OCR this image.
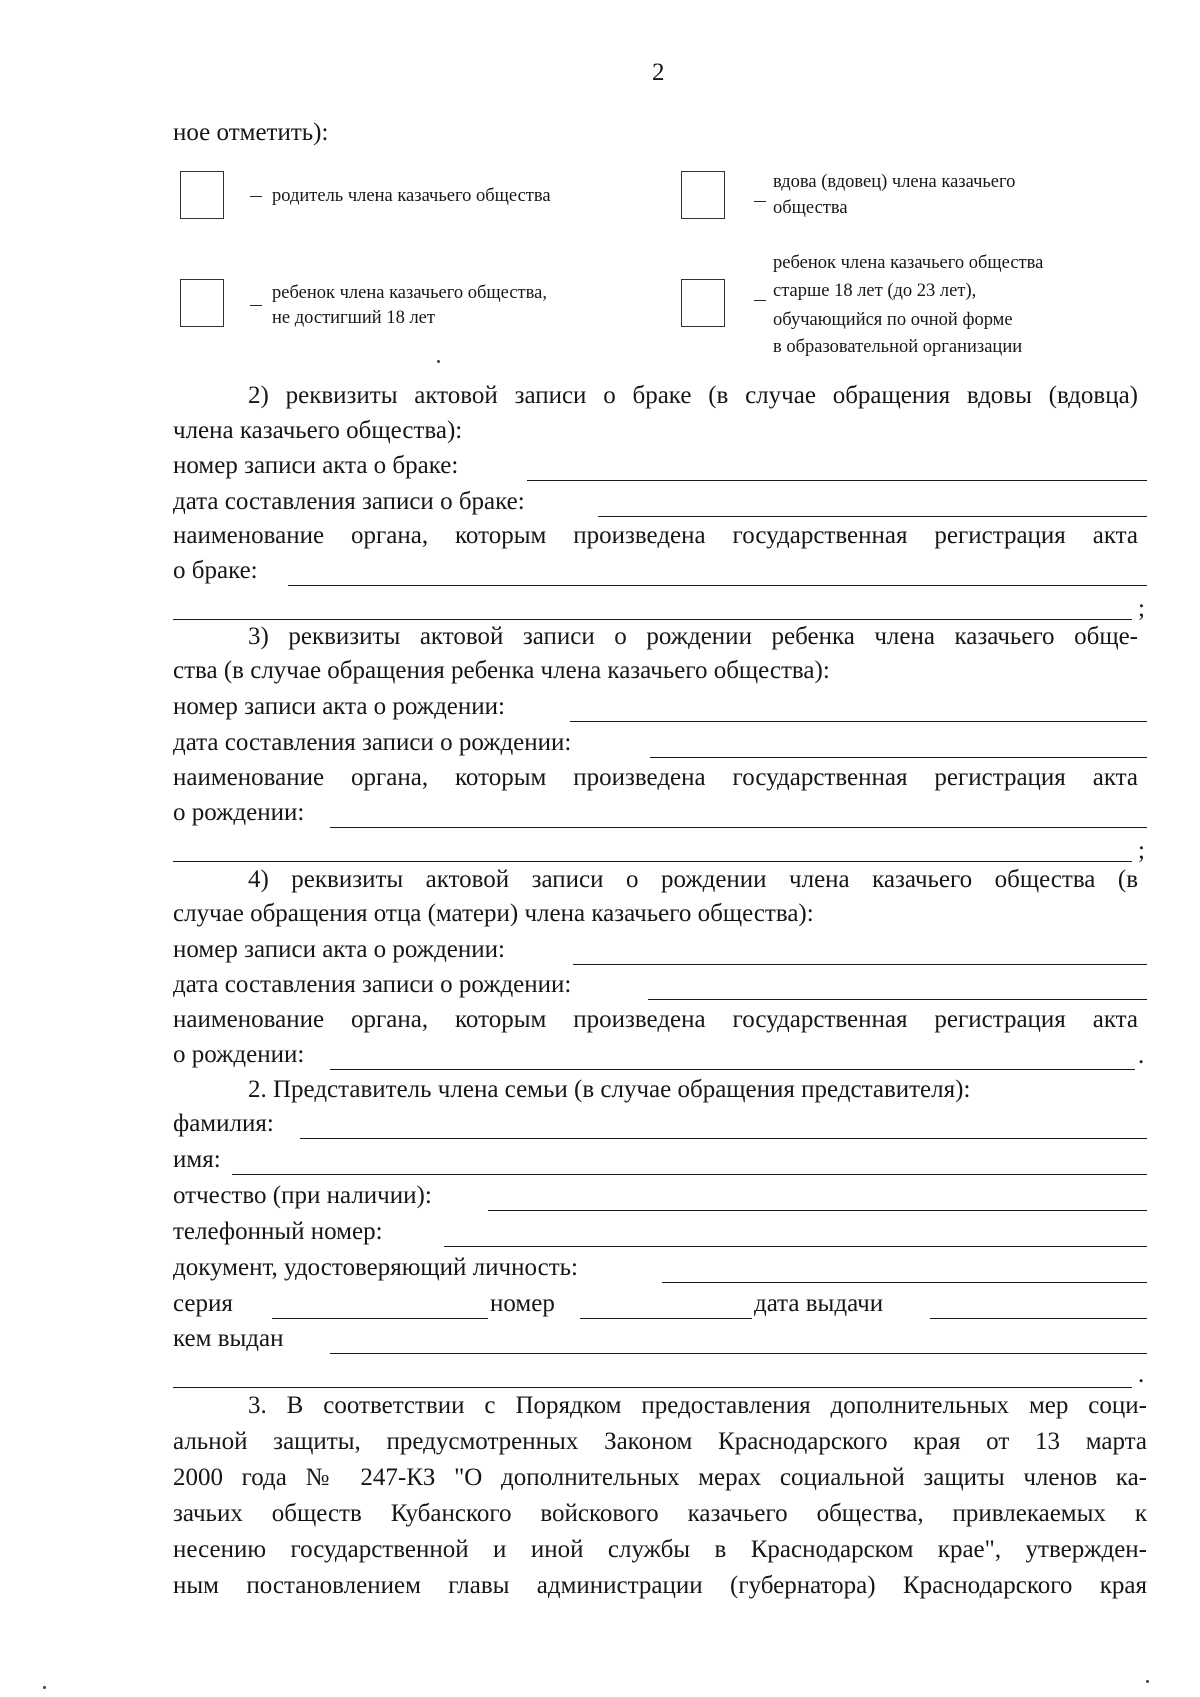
2
ное отметить):
родитель члена казачьего общества
вдова (вдовец) члена казачьего
общества
ребенок члена казачьего общества,
не достигший 18 лет
ребенок члена казачьего общества
старше 18 лет (до 23 лет),
обучающийся по очной форме
в образовательной организации
2) реквизиты актовой записи о браке (в случае обращения вдовы (вдовца)
члена казачьего общества):
номер записи акта о браке:
дата составления записи о браке:
наименование органа, которым произведена государственная регистрация акта
о браке:
;
3) реквизиты актовой записи о рождении ребенка члена казачьего обще-
ства (в случае обращения ребенка члена казачьего общества):
номер записи акта о рождении:
дата составления записи о рождении:
наименование органа, которым произведена государственная регистрация акта
о рождении:
;
4) реквизиты актовой записи о рождении члена казачьего общества (в
случае обращения отца (матери) члена казачьего общества):
номер записи акта о рождении:
дата составления записи о рождении:
наименование органа, которым произведена государственная регистрация акта
о рождении:	.
2. Представитель члена семьи (в случае обращения представителя):
фамилия:
имя:
отчество (при наличии):
телефонный номер:
документ, удостоверяющий личность:
серия	номер	дата выдачи
кем выдан
.
3. В соответствии с Порядком предоставления дополнительных мер соци-
альной защиты, предусмотренных Законом Краснодарского края от 13 марта
2000 года № 247-КЗ "О дополнительных мерах социальной защиты членов ка-
зачьих обществ Кубанского войскового казачьего общества, привлекаемых к
несению государственной и иной службы в Краснодарском крае", утвержден-
ным постановлением главы администрации (губернатора) Краснодарского края
